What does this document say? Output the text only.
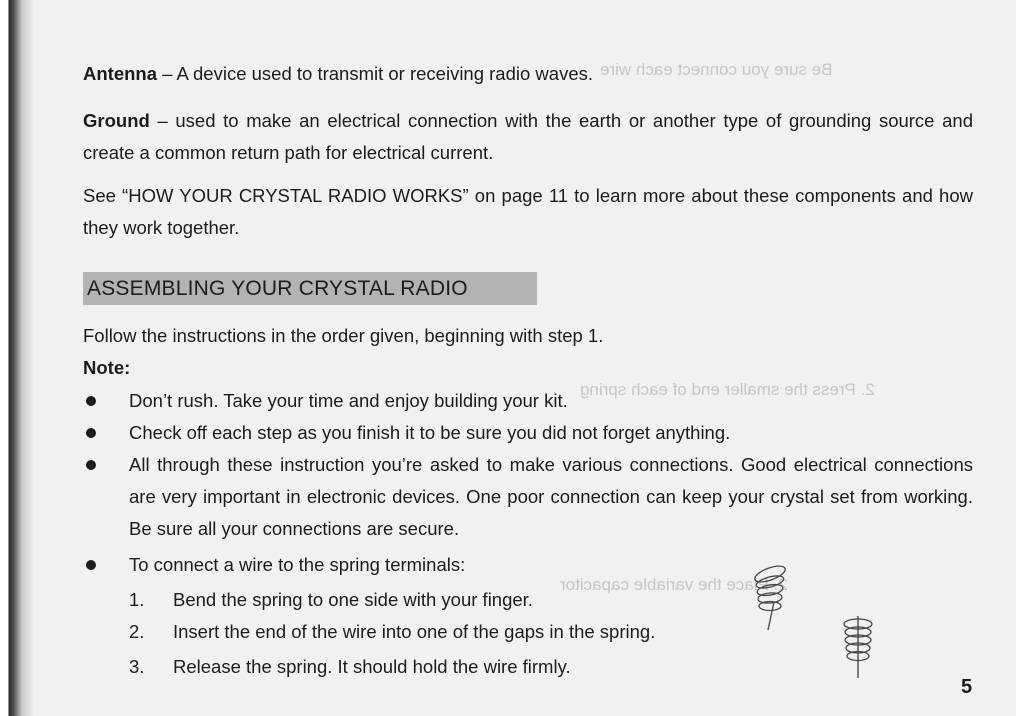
Be sure you connect each wire
2. Press the smaller end of each spring
2. Place the variable capacitor

Antenna – A device used to transmit or receiving radio waves.

Ground – used to make an electrical connection with the earth or another type of grounding source and create a common return path for electrical current.

See “HOW YOUR CRYSTAL RADIO WORKS” on page 11 to learn more about these components and how they work together.

ASSEMBLING YOUR CRYSTAL RADIO

Follow the instructions in the order given, beginning with step 1.

Note:

Don’t rush. Take your time and enjoy building your kit.
Check off each step as you finish it to be sure you did not forget anything.
All through these instruction you’re asked to make various connections. Good electrical connections are very important in electronic devices. One poor connection can keep your crystal set from working. Be sure all your connections are secure.
To connect a wire to the spring terminals:
1. Bend the spring to one side with your finger.
2. Insert the end of the wire into one of the gaps in the spring.
3. Release the spring. It should hold the wire firmly.
5
